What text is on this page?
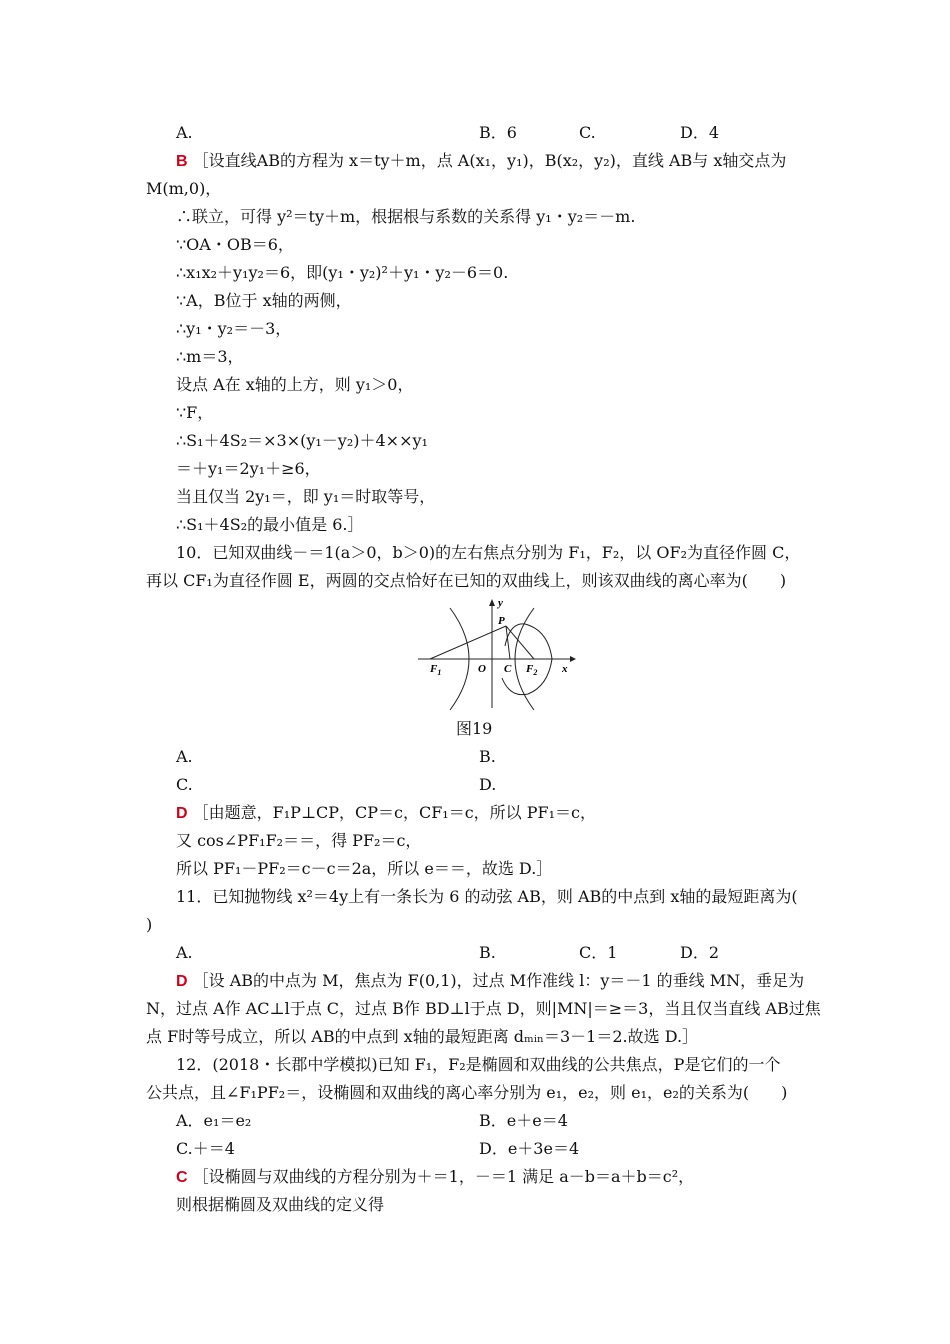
A.	B．6	C.	D．4
B ［设直线AB的方程为 x＝ty＋m，点 A(x₁，y₁)，B(x₂，y₂)，直线 AB与 x轴交点为
M(m,0)，
∴联立，可得 y²＝ty＋m，根据根与系数的关系得 y₁・y₂＝－m.
∵OA・OB＝6，
∴x₁x₂＋y₁y₂＝6，即(y₁・y₂)²＋y₁・y₂－6＝0.
∵A，B位于 x轴的两侧，
∴y₁・y₂＝－3，
∴m＝3，
设点 A在 x轴的上方，则 y₁＞0，
∵F，
∴S₁＋4S₂＝×3×(y₁－y₂)＋4××y₁
＝＋y₁＝2y₁＋≥6，
当且仅当 2y₁＝，即 y₁＝时取等号，
∴S₁＋4S₂的最小值是 6.］
10．已知双曲线－＝1(a＞0，b＞0)的左右焦点分别为 F₁，F₂，以 OF₂为直径作圆 C，
再以 CF₁为直径作圆 E，两圆的交点恰好在已知的双曲线上，则该双曲线的离心率为(　　)
y
x
P
$F_1$	O C $F_2$
图19
A.	B.
C.	D.
D ［由题意，F₁P⊥CP，CP＝c，CF₁＝c，所以 PF₁＝c，
又 cos∠PF₁F₂＝＝，得 PF₂＝c，
所以 PF₁－PF₂＝c－c＝2a，所以 e＝＝，故选 D.］
11．已知抛物线 x²＝4y上有一条长为 6 的动弦 AB，则 AB的中点到 x轴的最短距离为(
)
A.	B.	C．1	D．2
D ［设 AB的中点为 M，焦点为 F(0,1)，过点 M作准线 l：y＝－1 的垂线 MN，垂足为
N，过点 A作 AC⊥l于点 C，过点 B作 BD⊥l于点 D，则|MN|＝≥＝3，当且仅当直线 AB过焦
点 F时等号成立，所以 AB的中点到 x轴的最短距离 dₘᵢₙ＝3－1＝2.故选 D.］
12．(2018・长郡中学模拟)已知 F₁，F₂是椭圆和双曲线的公共焦点，P是它们的一个
公共点，且∠F₁PF₂＝，设椭圆和双曲线的离心率分别为 e₁，e₂，则 e₁，e₂的关系为(　　)
A．e₁＝e₂	B．e＋e＝4
C.＋＝4	D．e＋3e＝4
C ［设椭圆与双曲线的方程分别为＋＝1，－＝1 满足 a－b＝a＋b＝c²，
则根据椭圆及双曲线的定义得
